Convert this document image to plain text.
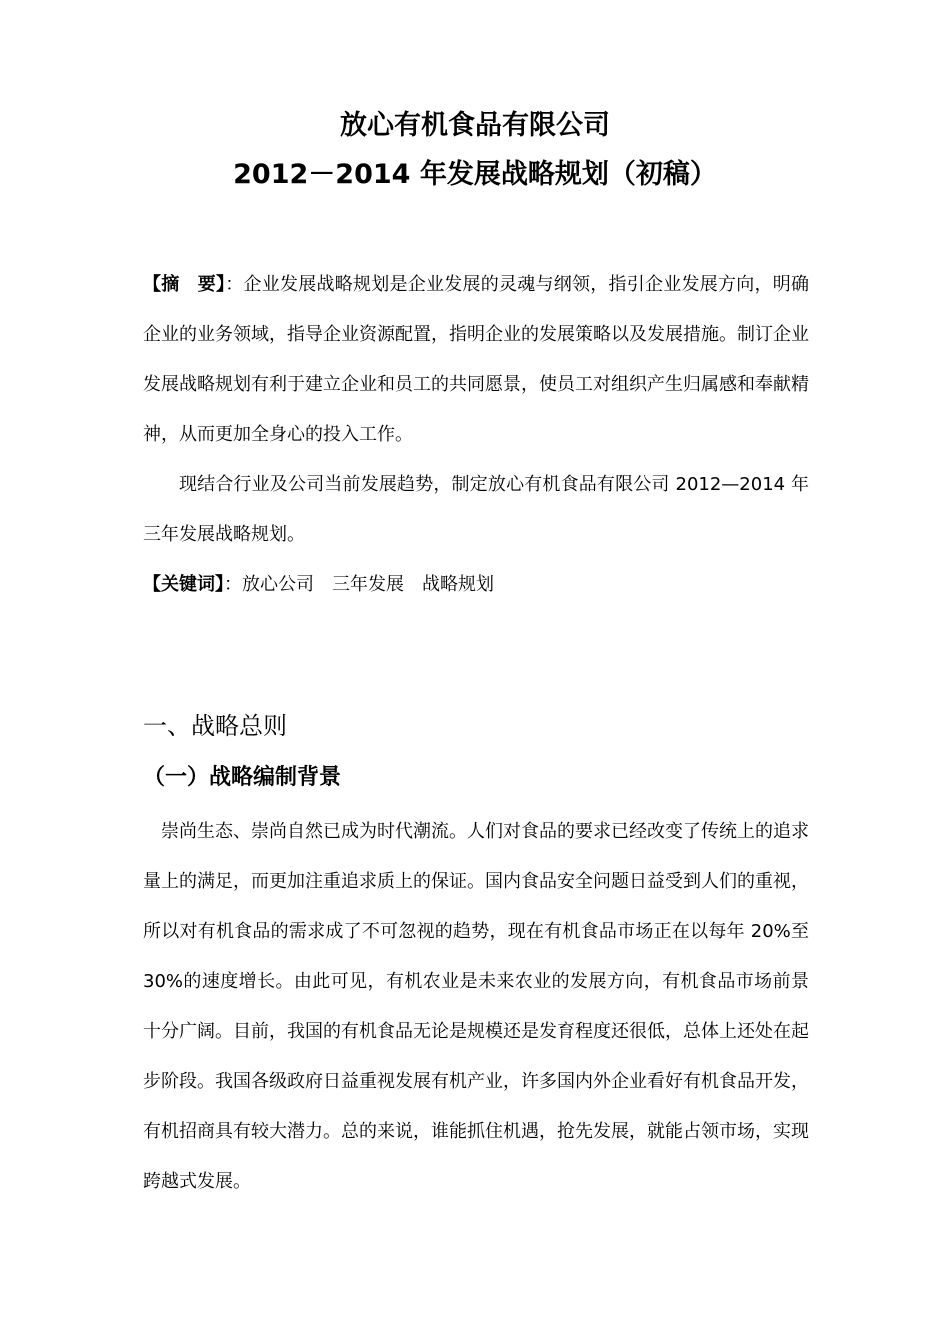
放心有机食品有限公司
2012－2014 年发展战略规划（初稿）

【摘　要】：企业发展战略规划是企业发展的灵魂与纲领，指引企业发展方向，明确企业的业务领域，指导企业资源配置，指明企业的发展策略以及发展措施。制订企业发展战略规划有利于建立企业和员工的共同愿景，使员工对组织产生归属感和奉献精神，从而更加全身心的投入工作。

现结合行业及公司当前发展趋势，制定放心有机食品有限公司 2012—2014 年三年发展战略规划。

【关键词】：放心公司　三年发展　战略规划

一、战略总则
（一）战略编制背景

崇尚生态、崇尚自然已成为时代潮流。人们对食品的要求已经改变了传统上的追求量上的满足，而更加注重追求质上的保证。国内食品安全问题日益受到人们的重视，所以对有机食品的需求成了不可忽视的趋势，现在有机食品市场正在以每年 20%至 30%的速度增长。由此可见，有机农业是未来农业的发展方向，有机食品市场前景十分广阔。目前，我国的有机食品无论是规模还是发育程度还很低，总体上还处在起步阶段。我国各级政府日益重视发展有机产业，许多国内外企业看好有机食品开发，有机招商具有较大潜力。总的来说，谁能抓住机遇，抢先发展，就能占领市场，实现跨越式发展。
